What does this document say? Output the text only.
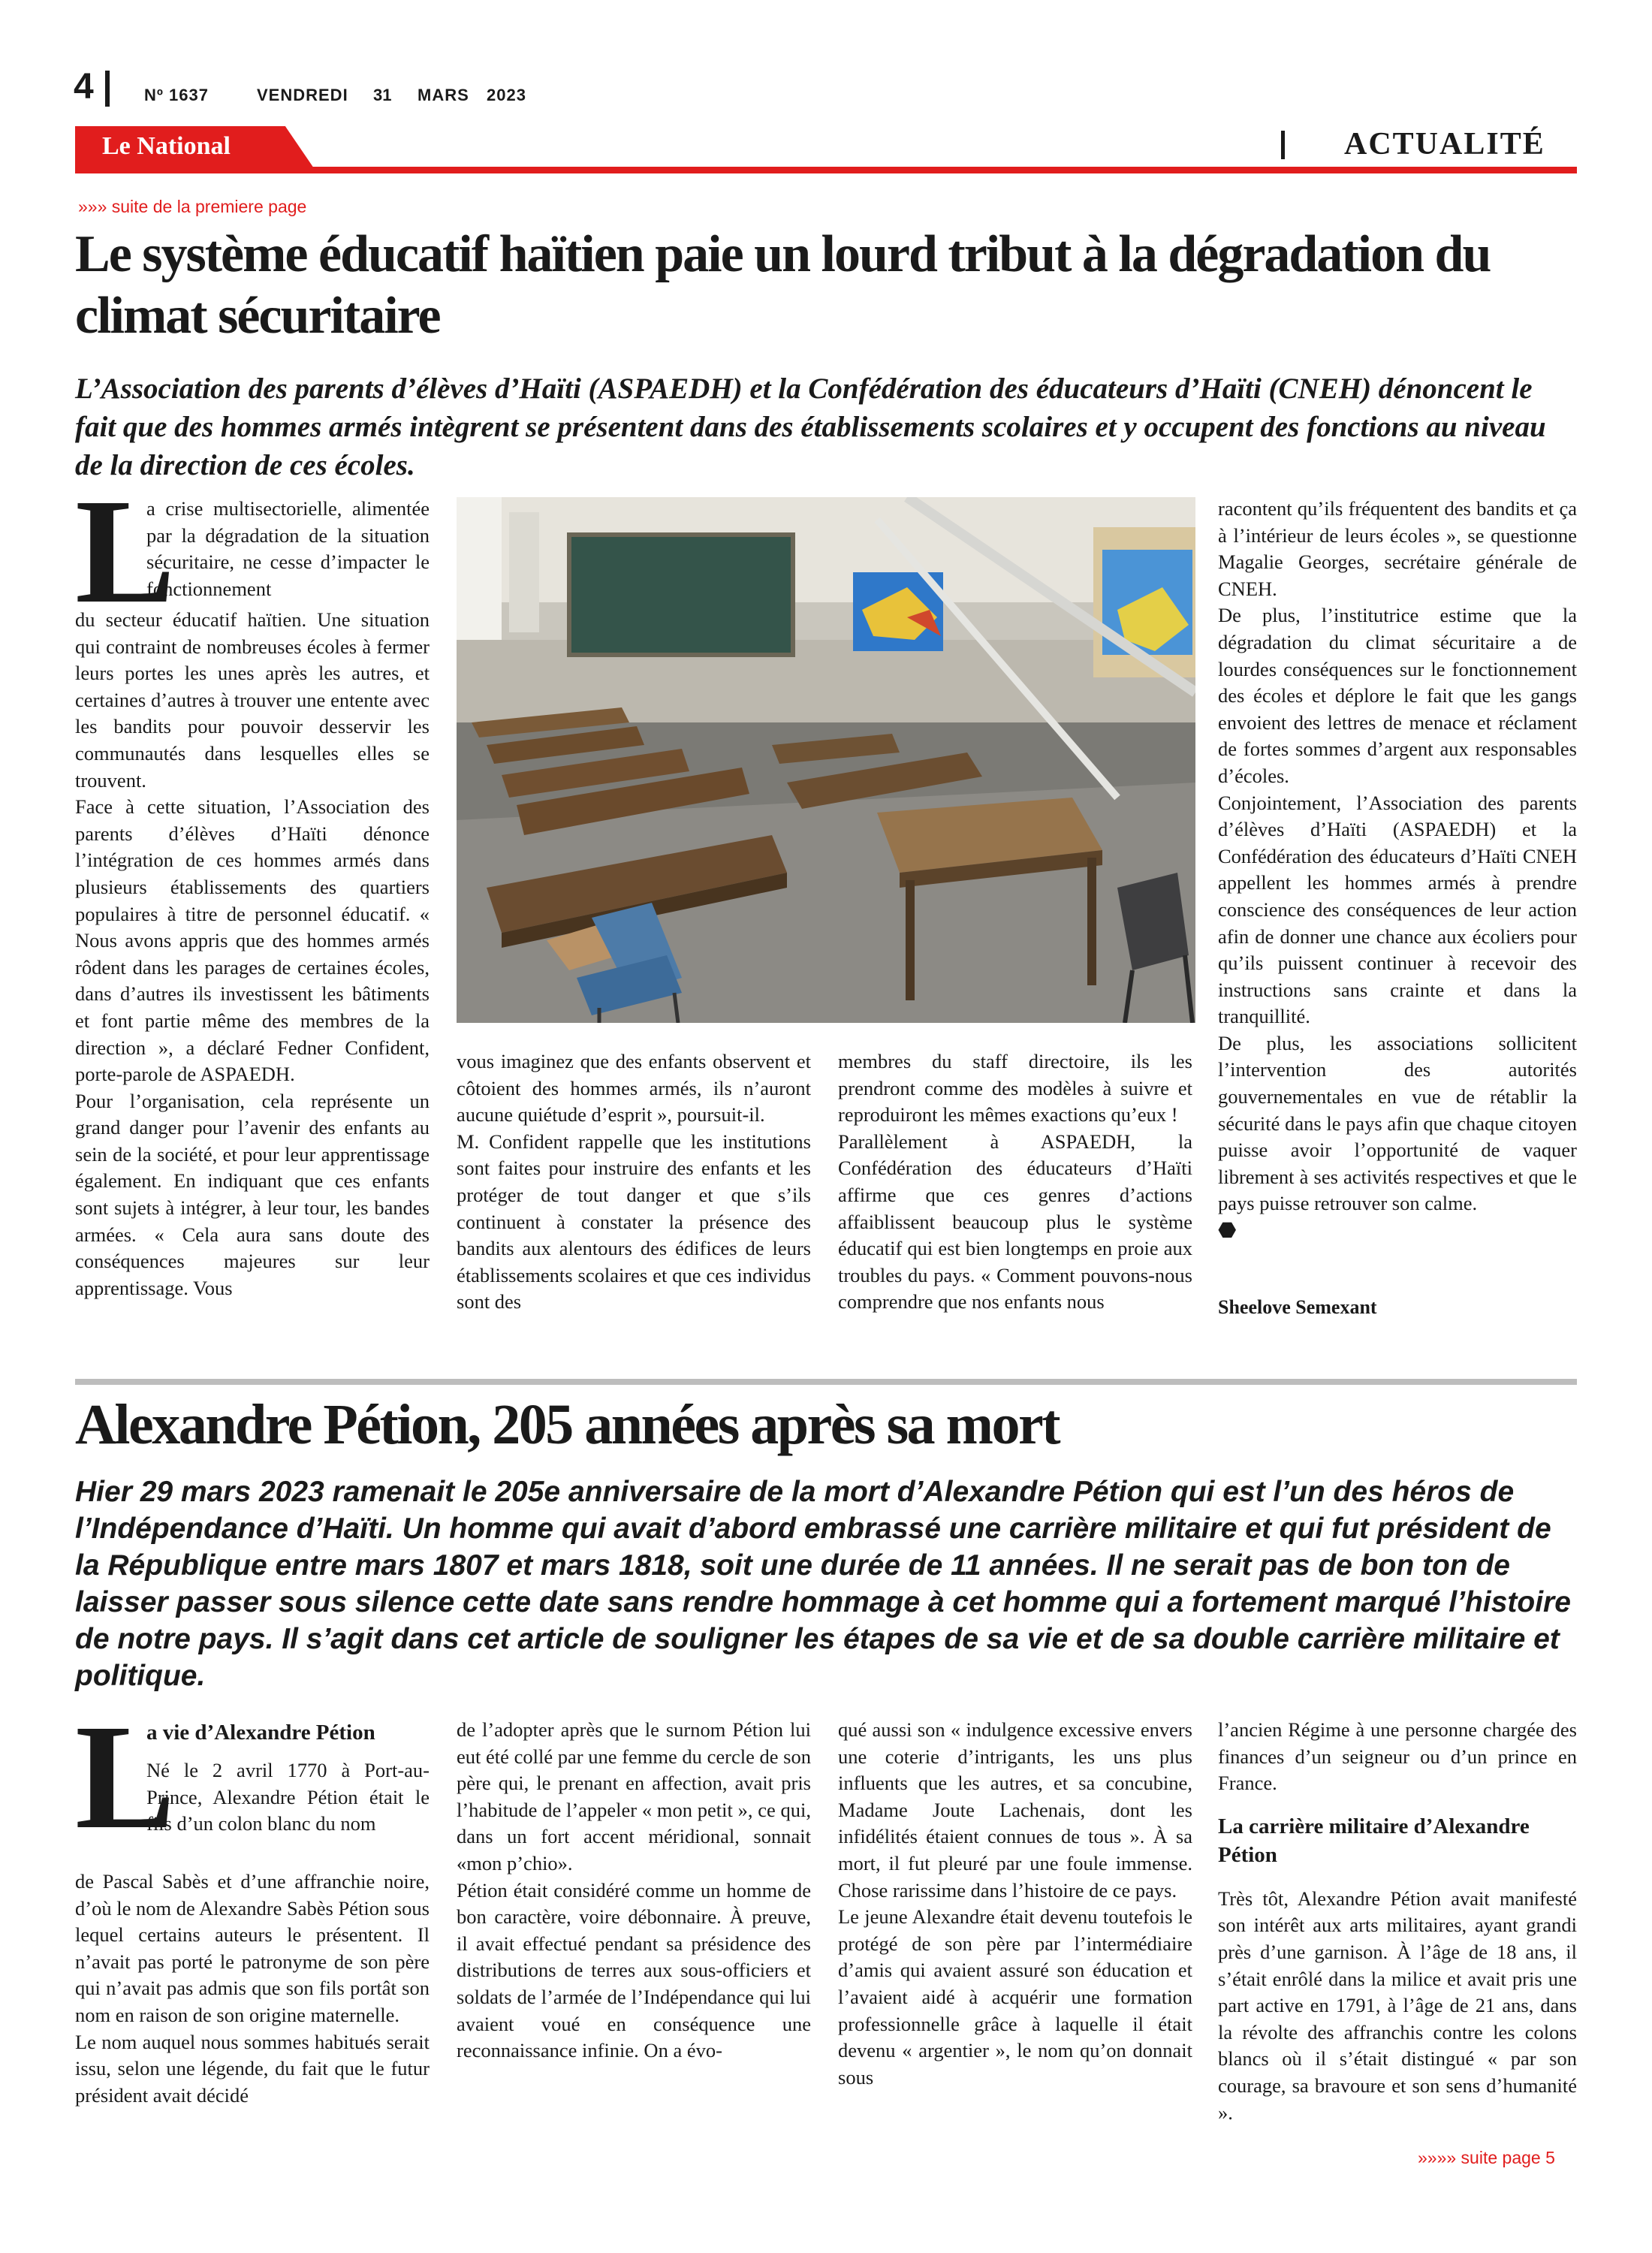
4	Nº 1637	VENDREDI 31 MARS 2023
Le National	ACTUALITÉ
»»» suite de la premiere page
Le système éducatif haïtien paie un lourd tribut à la dégradation du climat sécuritaire
L’Association des parents d’élèves d’Haïti (ASPAEDH) et la Confédération des éducateurs d’Haïti (CNEH) dénoncent le fait que des hommes armés intègrent se présentent dans des établissements scolaires et y occupent des fonctions au niveau de la direction de ces écoles.
L

a crise multisectorielle, alimentée par la dégradation de la situation sécuritaire, ne cesse d’impacter le fonctionnement

du secteur éducatif haïtien. Une situation qui contraint de nombreuses écoles à fermer leurs portes les unes après les autres, et certaines d’autres à trouver une entente avec les bandits pour pouvoir desservir les communautés dans lesquelles elles se trouvent.

Face à cette situation, l’Association des parents d’élèves d’Haïti dénonce l’intégration de ces hommes armés dans plusieurs établissements des quartiers populaires à titre de personnel éducatif. « Nous avons appris que des hommes armés rôdent dans les parages de certaines écoles, dans d’autres ils investissent les bâtiments et font partie même des membres de la direction », a déclaré Fedner Confident, porte-parole de ASPAEDH.

Pour l’organisation, cela représente un grand danger pour l’avenir des enfants au sein de la société, et pour leur apprentissage également. En indiquant que ces enfants sont sujets à intégrer, à leur tour, les bandes armées. « Cela aura sans doute des conséquences majeures sur leur apprentissage. Vous

vous imaginez que des enfants observent et côtoient des hommes armés, ils n’auront aucune quiétude d’esprit », poursuit-il.

M. Confident rappelle que les institutions sont faites pour instruire des enfants et les protéger de tout danger et que s’ils continuent à constater la présence des bandits aux alentours des édifices de leurs établissements scolaires et que ces individus sont des

membres du staff directoire, ils les prendront comme des modèles à suivre et reproduiront les mêmes exactions qu’eux !

Parallèlement à ASPAEDH, la Confédération des éducateurs d’Haïti affirme que ces genres d’actions affaiblissent beaucoup plus le système éducatif qui est bien longtemps en proie aux troubles du pays. « Comment pouvons-nous comprendre que nos enfants nous

racontent qu’ils fréquentent des bandits et ça à l’intérieur de leurs écoles », se questionne Magalie Georges, secrétaire générale de CNEH.

De plus, l’institutrice estime que la dégradation du climat sécuritaire a de lourdes conséquences sur le fonctionnement des écoles et déplore le fait que les gangs envoient des lettres de menace et réclament de fortes sommes d’argent aux responsables d’écoles.

Conjointement, l’Association des parents d’élèves d’Haïti (ASPAEDH) et la Confédération des éducateurs d’Haïti CNEH appellent les hommes armés à prendre conscience des conséquences de leur action afin de donner une chance aux écoliers pour qu’ils puissent continuer à recevoir des instructions sans crainte et dans la tranquillité.

De plus, les associations sollicitent l’intervention des autorités gouvernementales en vue de rétablir la sécurité dans le pays afin que chaque citoyen puisse avoir l’opportunité de vaquer librement à ses activités respectives et que le pays puisse retrouver son calme.

⬣

Sheelove Semexant
Alexandre Pétion, 205 années après sa mort
Hier 29 mars 2023 ramenait le 205e anniversaire de la mort d’Alexandre Pétion qui est l’un des héros de l’Indépendance d’Haïti. Un homme qui avait d’abord embrassé une carrière militaire et qui fut président de la République entre mars 1807 et mars 1818, soit une durée de 11 années. Il ne serait pas de bon ton de laisser passer sous silence cette date sans rendre hommage à cet homme qui a fortement marqué l’histoire de notre pays. Il s’agit dans cet article de souligner les étapes de sa vie et de sa double carrière militaire et politique.
L
a vie d’Alexandre Pétion

Né le 2 avril 1770 à Port-au-Prince, Alexandre Pétion était le fils d’un colon blanc du nom

de Pascal Sabès et d’une affranchie noire, d’où le nom de Alexandre Sabès Pétion sous lequel certains auteurs le présentent. Il n’avait pas porté le patronyme de son père qui n’avait pas admis que son fils portât son nom en raison de son origine maternelle.

Le nom auquel nous sommes habitués serait issu, selon une légende, du fait que le futur président avait décidé

de l’adopter après que le surnom Pétion lui eut été collé par une femme du cercle de son père qui, le prenant en affection, avait pris l’habitude de l’appeler « mon petit », ce qui, dans un fort accent méridional, sonnait «mon p’chio».

Pétion était considéré comme un homme de bon caractère, voire débonnaire. À preuve, il avait effectué pendant sa présidence des distributions de terres aux sous-officiers et soldats de l’armée de l’Indépendance qui lui avaient voué en conséquence une reconnaissance infinie. On a évo-

qué aussi son « indulgence excessive envers une coterie d’intrigants, les uns plus influents que les autres, et sa concubine, Madame Joute Lachenais, dont les infidélités étaient connues de tous ». À sa mort, il fut pleuré par une foule immense. Chose rarissime dans l’histoire de ce pays.

Le jeune Alexandre était devenu toutefois le protégé de son père par l’intermédiaire d’amis qui avaient assuré son éducation et l’avaient aidé à acquérir une formation professionnelle grâce à laquelle il était devenu « argentier », le nom qu’on donnait sous

l’ancien Régime à une personne chargée des finances d’un seigneur ou d’un prince en France.

La carrière militaire d’Alexandre Pétion

Très tôt, Alexandre Pétion avait manifesté son intérêt aux arts militaires, ayant grandi près d’une garnison. À l’âge de 18 ans, il s’était enrôlé dans la milice et avait pris une part active en 1791, à l’âge de 21 ans, dans la révolte des affranchis contre les colons blancs où il s’était distingué « par son courage, sa bravoure et son sens d’humanité ».

»»»» suite page 5
